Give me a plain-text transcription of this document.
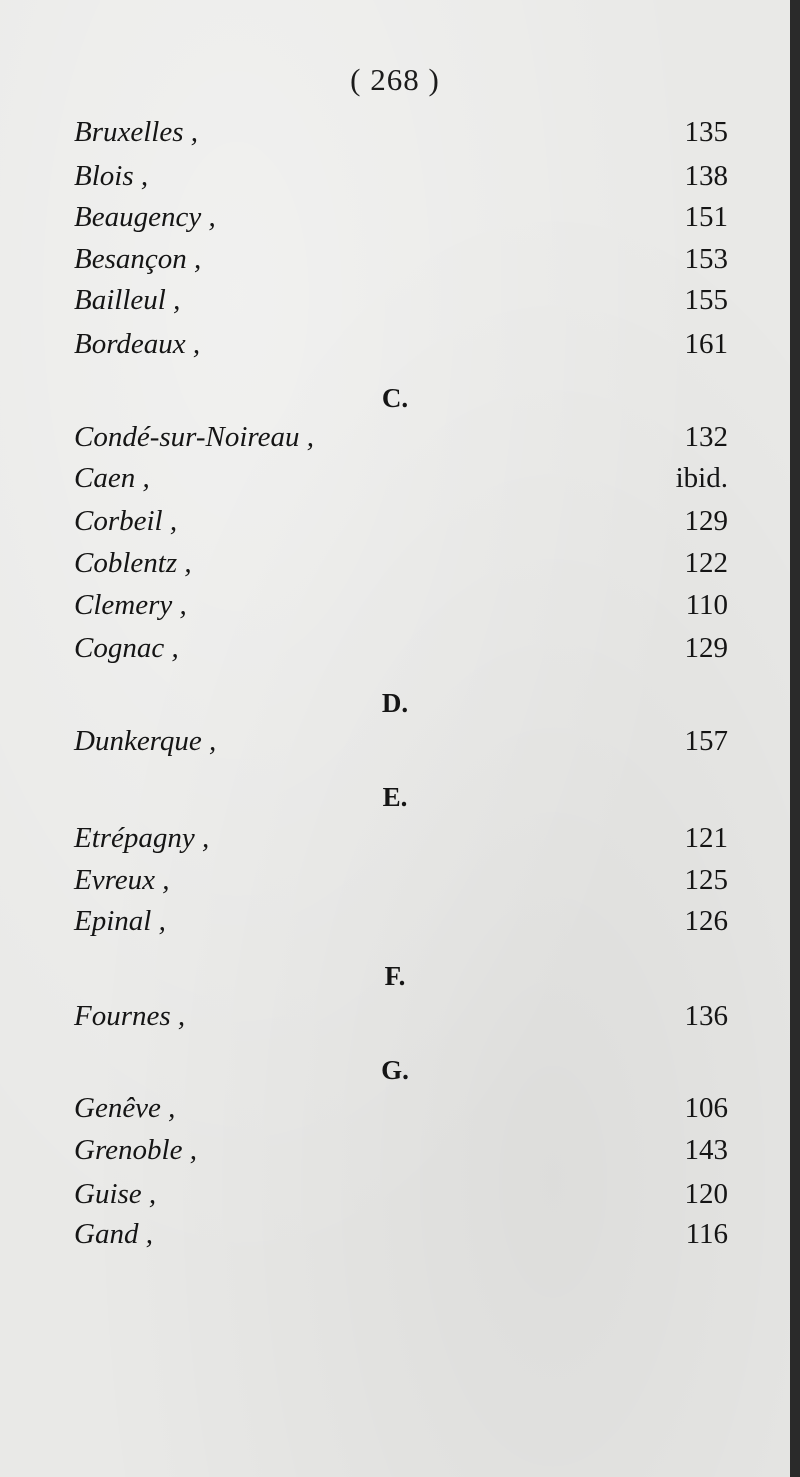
﻿
( 268 )
Bruxelles ,	135
Blois ,	138
Beaugency ,	151
Besançon ,	153
Bailleul ,	155
Bordeaux ,	161
C.
Condé-sur-Noireau ,	132
Caen ,	ibid.
Corbeil ,	129
Coblentz ,	122
Clemery ,	110
Cognac ,	129
D.
Dunkerque ,	157
E.
Etrépagny ,	121
Evreux ,	125
Epinal ,	126
F.
Fournes ,	136
G.
Genêve ,	106
Grenoble ,	143
Guise ,	120
Gand ,	116
